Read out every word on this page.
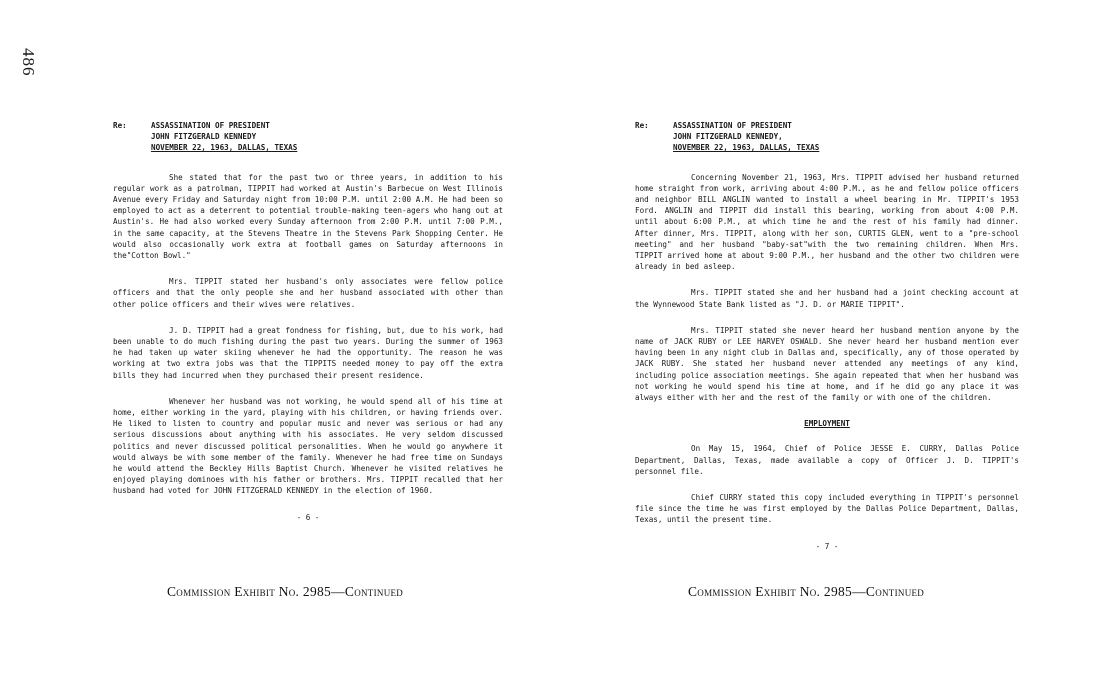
486
Re:	ASSASSINATION OF PRESIDENT
JOHN FITZGERALD KENNEDY
NOVEMBER 22, 1963, DALLAS, TEXAS

She stated that for the past two or three years, in addition to his regular work as a patrolman, TIPPIT had worked at Austin's Barbecue on West Illinois Avenue every Friday and Saturday night from 10:00 P.M. until 2:00 A.M. He had been so employed to act as a deterrent to potential trouble-making teen-agers who hang out at Austin's. He had also worked every Sunday afternoon from 2:00 P.M. until 7:00 P.M., in the same capacity, at the Stevens Theatre in the Stevens Park Shopping Center. He would also occasionally work extra at football games on Saturday afternoons in the"Cotton Bowl."

Mrs. TIPPIT stated her husband's only associates were fellow police officers and that the only people she and her husband associated with other than other police officers and their wives were relatives.

J. D. TIPPIT had a great fondness for fishing, but, due to his work, had been unable to do much fishing during the past two years. During the summer of 1963 he had taken up water skiing whenever he had the opportunity. The reason he was working at two extra jobs was that the TIPPITS needed money to pay off the extra bills they had incurred when they purchased their present residence.

Whenever her husband was not working, he would spend all of his time at home, either working in the yard, playing with his children, or having friends over. He liked to listen to country and popular music and never was serious or had any serious discussions about anything with his associates. He very seldom discussed politics and never discussed political personalities. When he would go anywhere it would always be with some member of the family. Whenever he had free time on Sundays he would attend the Beckley Hills Baptist Church. Whenever he visited relatives he enjoyed playing dominoes with his father or brothers. Mrs. TIPPIT recalled that her husband had voted for JOHN FITZGERALD KENNEDY in the election of 1960.

- 6 -
Commission Exhibit No. 2985—Continued
Re:	ASSASSINATION OF PRESIDENT
JOHN FITZGERALD KENNEDY,
NOVEMBER 22, 1963, DALLAS, TEXAS

Concerning November 21, 1963, Mrs. TIPPIT advised her husband returned home straight from work, arriving about 4:00 P.M., as he and fellow police officers and neighbor BILL ANGLIN wanted to install a wheel bearing in Mr. TIPPIT's 1953 Ford. ANGLIN and TIPPIT did install this bearing, working from about 4:00 P.M. until about 6:00 P.M., at which time he and the rest of his family had dinner. After dinner, Mrs. TIPPIT, along with her son, CURTIS GLEN, went to a "pre-school meeting" and her husband "baby-sat"with the two remaining children. When Mrs. TIPPIT arrived home at about 9:00 P.M., her husband and the other two children were already in bed asleep.

Mrs. TIPPIT stated she and her husband had a joint checking account at the Wynnewood State Bank listed as "J. D. or MARIE TIPPIT".

Mrs. TIPPIT stated she never heard her husband mention anyone by the name of JACK RUBY or LEE HARVEY OSWALD. She never heard her husband mention ever having been in any night club in Dallas and, specifically, any of those operated by JACK RUBY. She stated her husband never attended any meetings of any kind, including police association meetings. She again repeated that when her husband was not working he would spend his time at home, and if he did go any place it was always either with her and the rest of the family or with one of the children.

EMPLOYMENT

On May 15, 1964, Chief of Police JESSE E. CURRY, Dallas Police Department, Dallas, Texas, made available a copy of Officer J. D. TIPPIT's personnel file.

Chief CURRY stated this copy included everything in TIPPIT's personnel file since the time he was first employed by the Dallas Police Department, Dallas, Texas, until the present time.

- 7 -
Commission Exhibit No. 2985—Continued
